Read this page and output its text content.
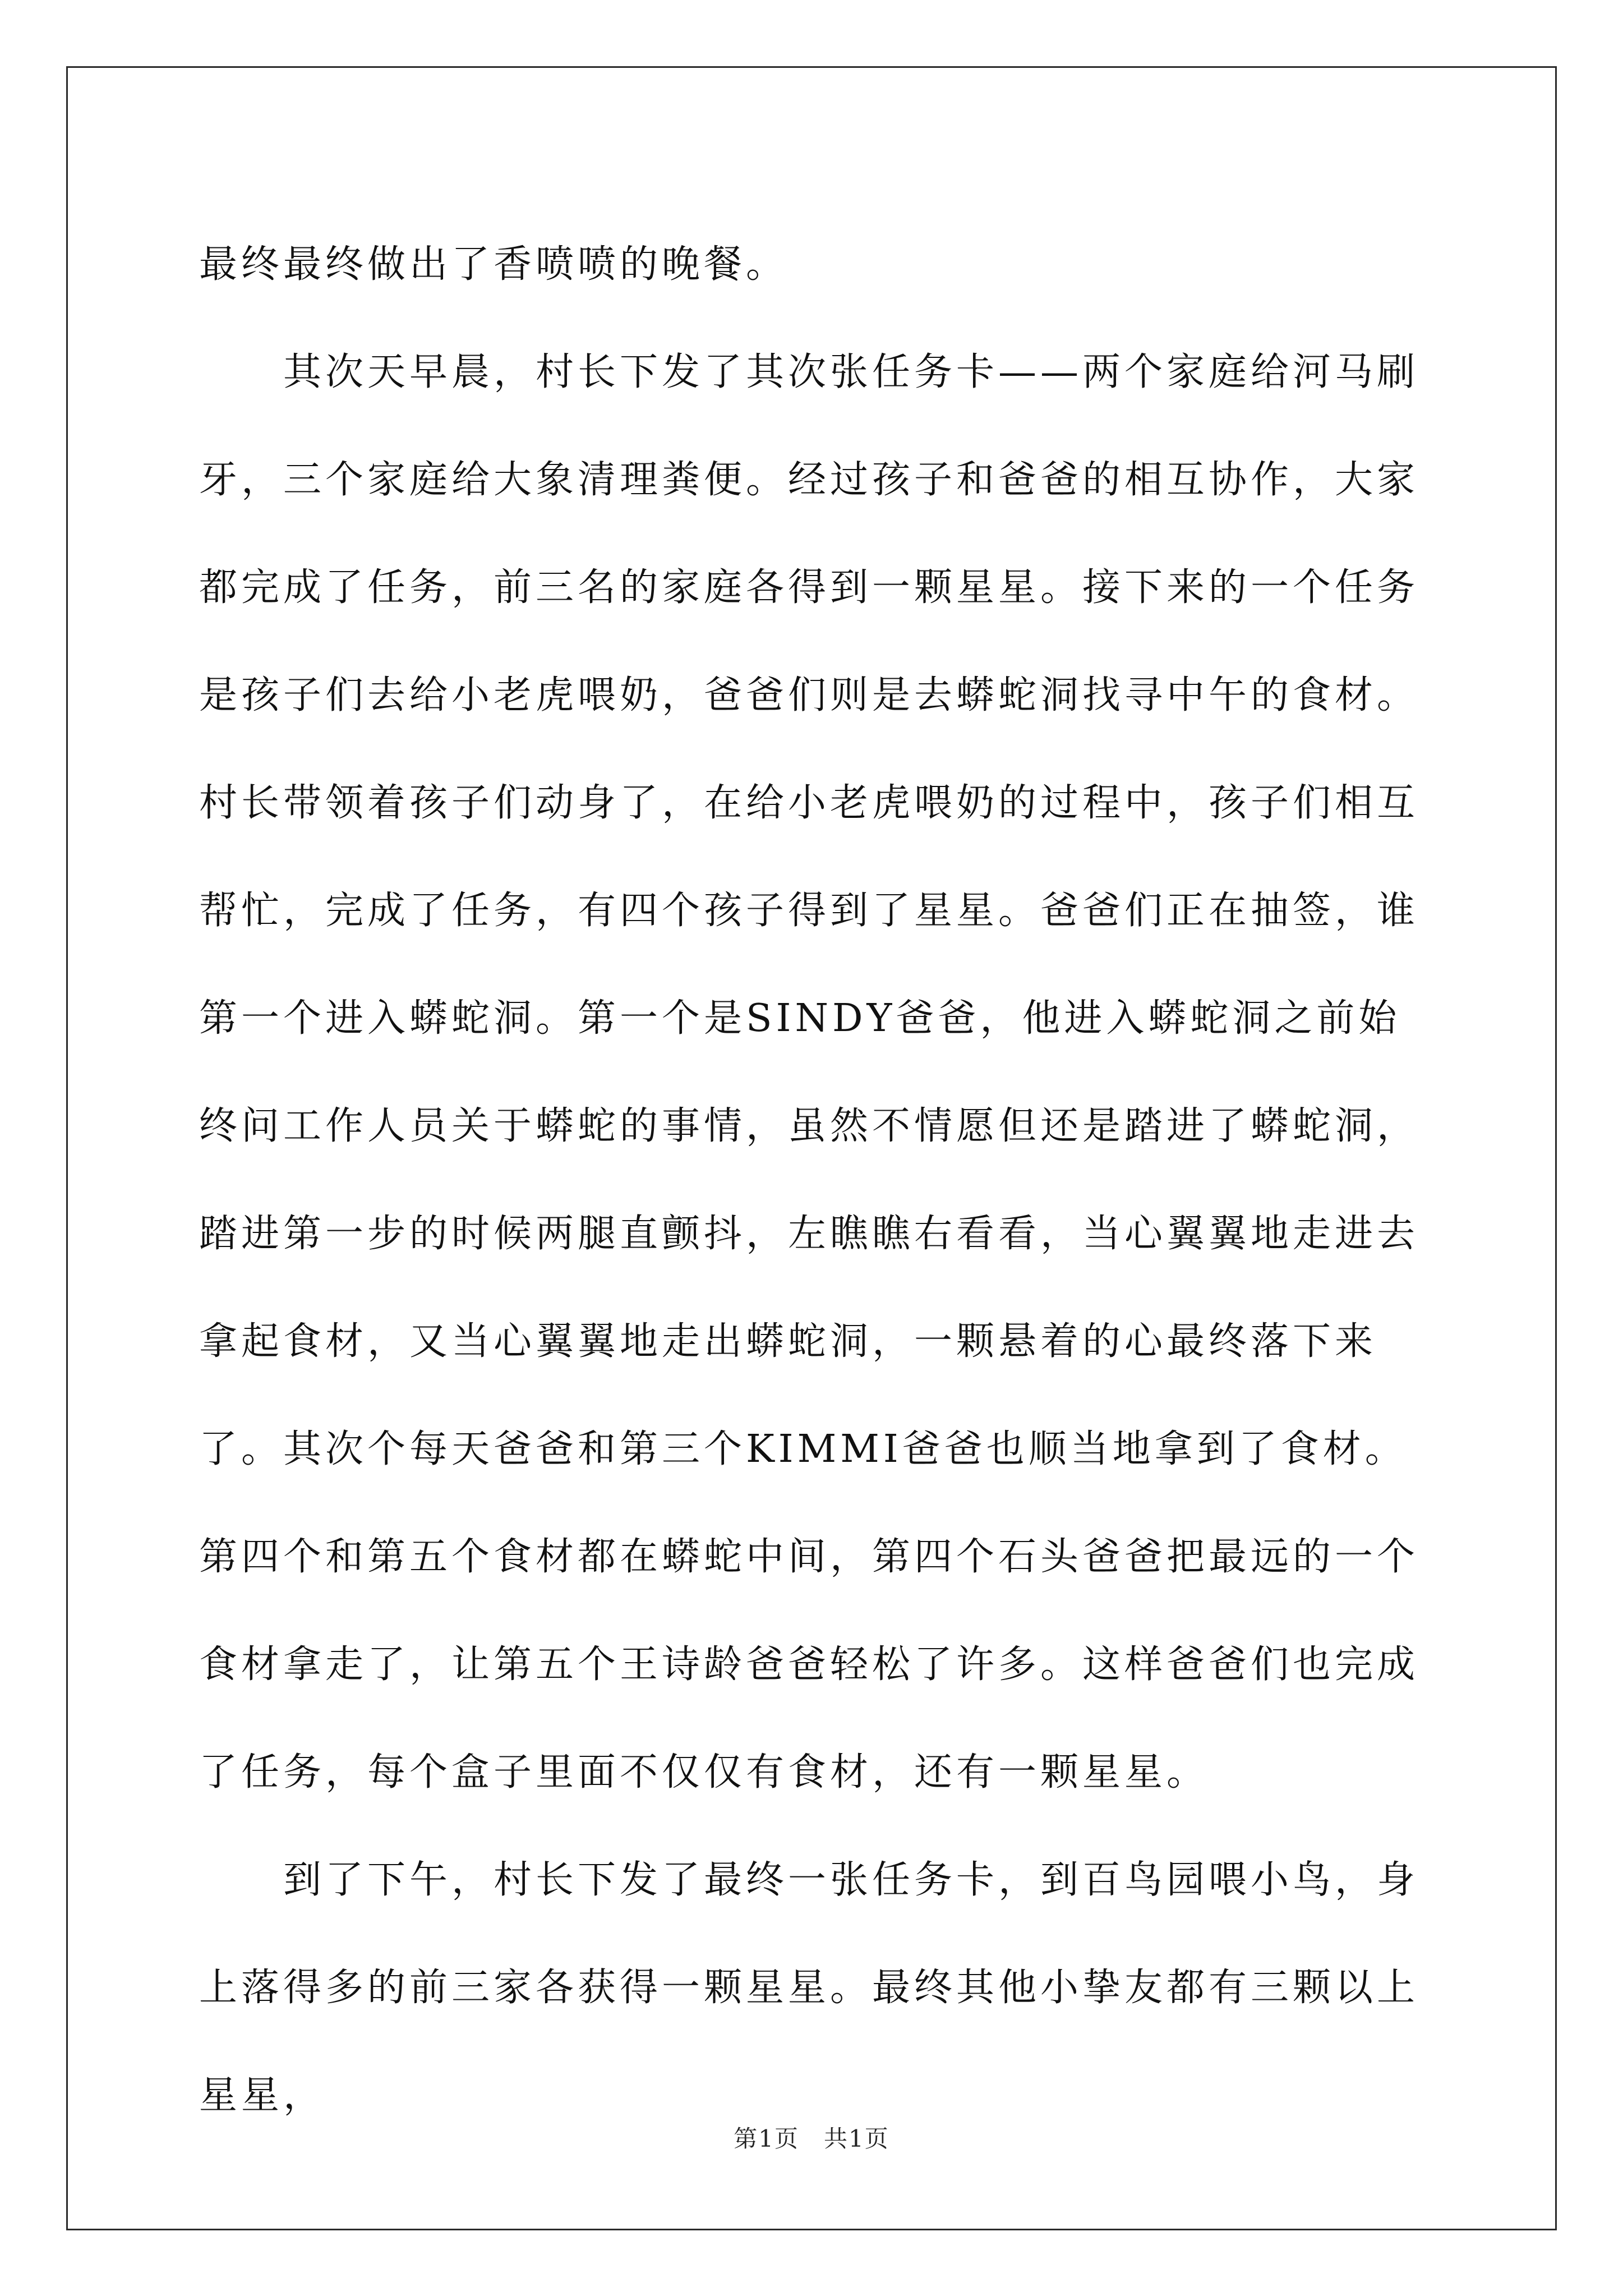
最终最终做出了香喷喷的晚餐。

其次天早晨，村长下发了其次张任务卡——两个家庭给河马刷牙，三个家庭给大象清理粪便。经过孩子和爸爸的相互协作，大家都完成了任务，前三名的家庭各得到一颗星星。接下来的一个任务是孩子们去给小老虎喂奶，爸爸们则是去蟒蛇洞找寻中午的食材。村长带领着孩子们动身了，在给小老虎喂奶的过程中，孩子们相互帮忙，完成了任务，有四个孩子得到了星星。爸爸们正在抽签，谁第一个进入蟒蛇洞。第一个是SINDY爸爸，他进入蟒蛇洞之前始终问工作人员关于蟒蛇的事情，虽然不情愿但还是踏进了蟒蛇洞，踏进第一步的时候两腿直颤抖，左瞧瞧右看看，当心翼翼地走进去拿起食材，又当心翼翼地走出蟒蛇洞，一颗悬着的心最终落下来了。其次个每天爸爸和第三个KIMMI爸爸也顺当地拿到了食材。第四个和第五个食材都在蟒蛇中间，第四个石头爸爸把最远的一个食材拿走了，让第五个王诗龄爸爸轻松了许多。这样爸爸们也完成了任务，每个盒子里面不仅仅有食材，还有一颗星星。

到了下午，村长下发了最终一张任务卡，到百鸟园喂小鸟，身上落得多的前三家各获得一颗星星。最终其他小挚友都有三颗以上星星，

第1页　共1页
